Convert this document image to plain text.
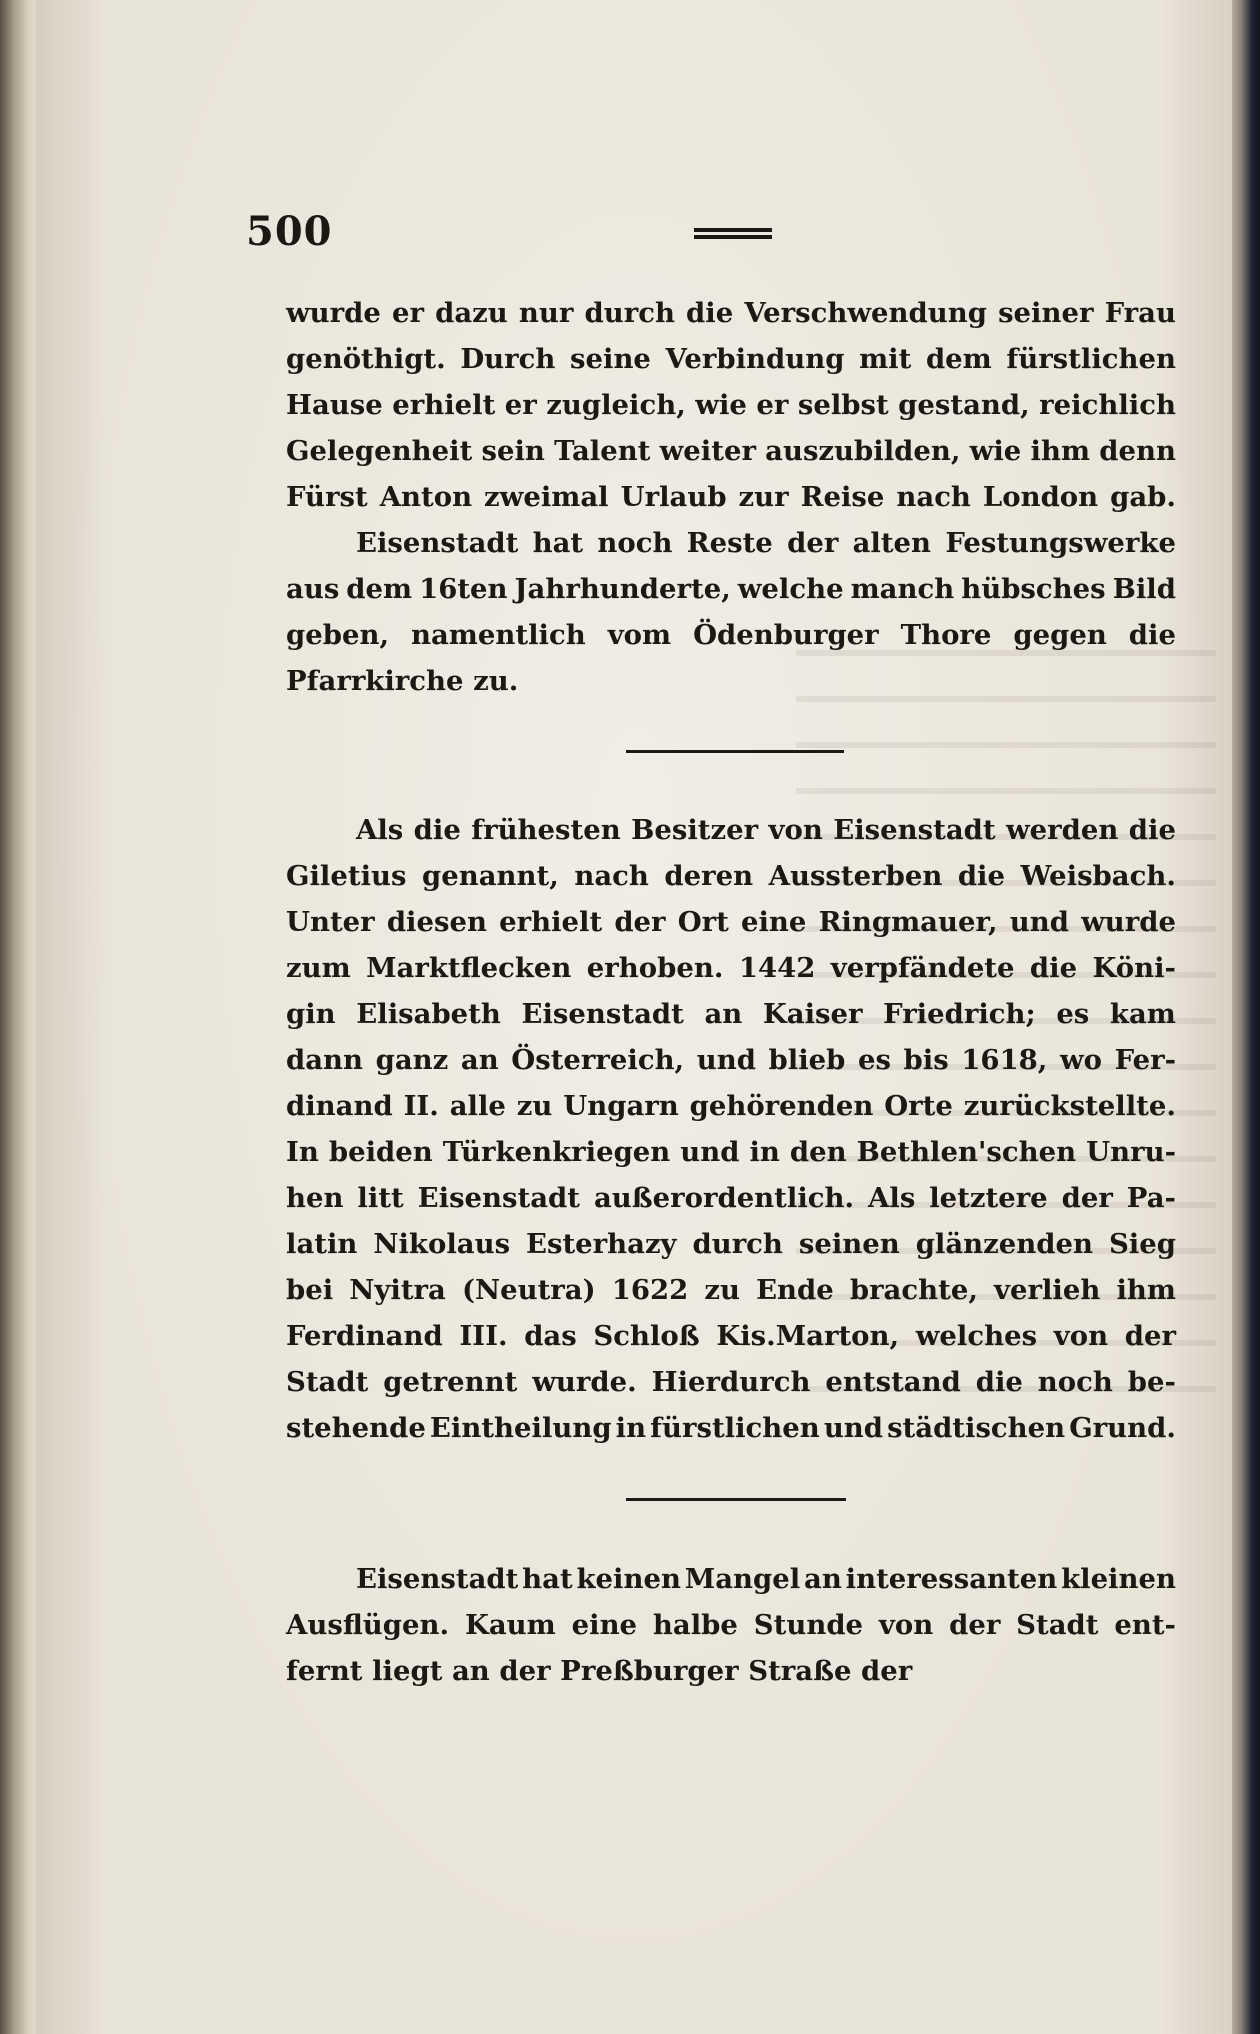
500
wurde er dazu nur durch die Verschwendung seiner Frau
genöthigt. Durch seine Verbindung mit dem fürstlichen
Hause erhielt er zugleich, wie er selbst gestand, reichlich
Gelegenheit sein Talent weiter auszubilden, wie ihm denn
Fürst Anton zweimal Urlaub zur Reise nach London gab.
Eisenstadt hat noch Reste der alten Festungswerke
aus dem 16ten Jahrhunderte, welche manch hübsches Bild
geben, namentlich vom Ödenburger Thore gegen die
Pfarrkirche zu.
Als die frühesten Besitzer von Eisenstadt werden die
Giletius genannt, nach deren Aussterben die Weisbach.
Unter diesen erhielt der Ort eine Ringmauer, und wurde
zum Marktflecken erhoben. 1442 verpfändete die Köni-
gin Elisabeth Eisenstadt an Kaiser Friedrich; es kam
dann ganz an Österreich, und blieb es bis 1618, wo Fer-
dinand II. alle zu Ungarn gehörenden Orte zurückstellte.
In beiden Türkenkriegen und in den Bethlen'schen Unru-
hen litt Eisenstadt außerordentlich. Als letztere der Pa-
latin Nikolaus Esterhazy durch seinen glänzenden Sieg
bei Nyitra (Neutra) 1622 zu Ende brachte, verlieh ihm
Ferdinand III. das Schloß Kis.Marton, welches von der
Stadt getrennt wurde. Hierdurch entstand die noch be-
stehende Eintheilung in fürstlichen und städtischen Grund.
Eisenstadt hat keinen Mangel an interessanten kleinen
Ausflügen. Kaum eine halbe Stunde von der Stadt ent-
fernt liegt an der Preßburger Straße der
